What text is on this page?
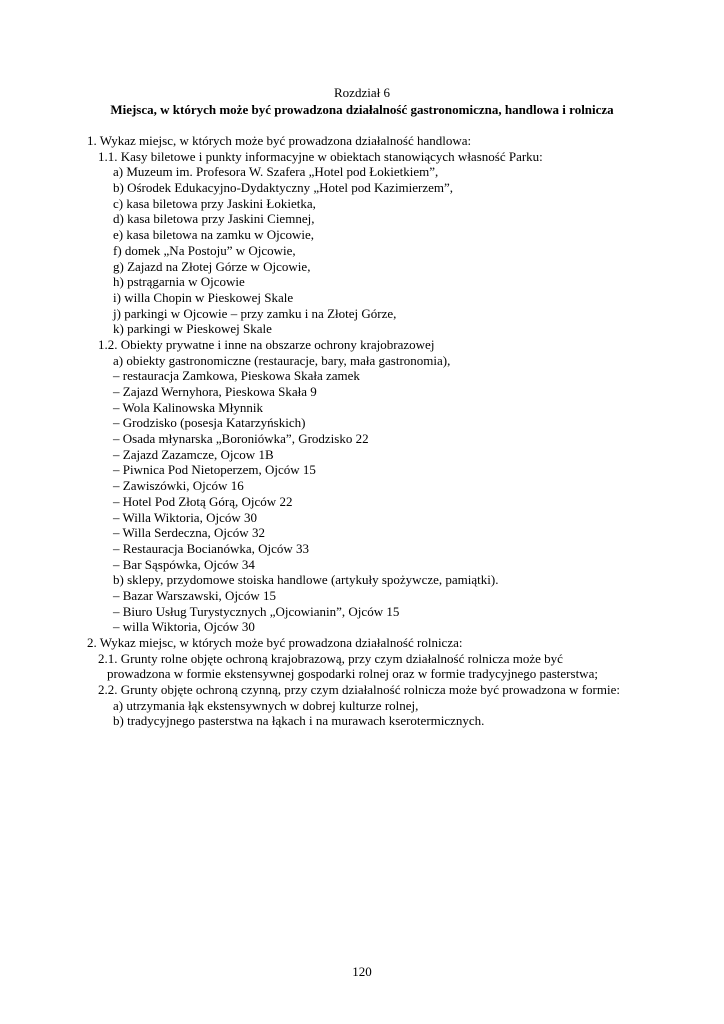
Rozdział 6
Miejsca, w których może być prowadzona działalność gastronomiczna, handlowa i rolnicza
1. Wykaz miejsc, w których może być prowadzona działalność handlowa:
1.1. Kasy biletowe i punkty informacyjne w obiektach stanowiących własność Parku:
a) Muzeum im. Profesora W. Szafera „Hotel pod Łokietkiem”,
b) Ośrodek Edukacyjno-Dydaktyczny „Hotel pod Kazimierzem”,
c) kasa biletowa przy Jaskini Łokietka,
d) kasa biletowa przy Jaskini Ciemnej,
e) kasa biletowa na zamku w Ojcowie,
f) domek „Na Postoju” w Ojcowie,
g) Zajazd na Złotej Górze w Ojcowie,
h) pstrągarnia w Ojcowie
i) willa Chopin w Pieskowej Skale
j) parkingi w Ojcowie – przy zamku i na Złotej Górze,
k) parkingi w Pieskowej Skale
1.2. Obiekty prywatne i inne na obszarze ochrony krajobrazowej
a) obiekty gastronomiczne (restauracje, bary, mała gastronomia),
– restauracja Zamkowa, Pieskowa Skała zamek
– Zajazd Wernyhora, Pieskowa Skała 9
– Wola Kalinowska Młynnik
– Grodzisko (posesja Katarzyńskich)
– Osada młynarska „Boroniówka”, Grodzisko 22
– Zajazd Zazamcze, Ojcow 1B
– Piwnica Pod Nietoperzem, Ojców 15
– Zawiszówki, Ojców 16
– Hotel Pod Złotą Górą, Ojców 22
– Willa Wiktoria, Ojców 30
– Willa Serdeczna, Ojców 32
– Restauracja Bocianówka, Ojców 33
– Bar Sąspówka, Ojców 34
b) sklepy, przydomowe stoiska handlowe (artykuły spożywcze, pamiątki).
– Bazar Warszawski, Ojców 15
– Biuro Usług Turystycznych „Ojcowianin”, Ojców 15
– willa Wiktoria, Ojców 30
2. Wykaz miejsc, w których może być prowadzona działalność rolnicza:
2.1. Grunty rolne objęte ochroną krajobrazową, przy czym działalność rolnicza może być
prowadzona w formie ekstensywnej gospodarki rolnej oraz w formie tradycyjnego pasterstwa;
2.2. Grunty objęte ochroną czynną, przy czym działalność rolnicza może być prowadzona w formie:
a) utrzymania łąk ekstensywnych w dobrej kulturze rolnej,
b) tradycyjnego pasterstwa na łąkach i na murawach kserotermicznych.
120
